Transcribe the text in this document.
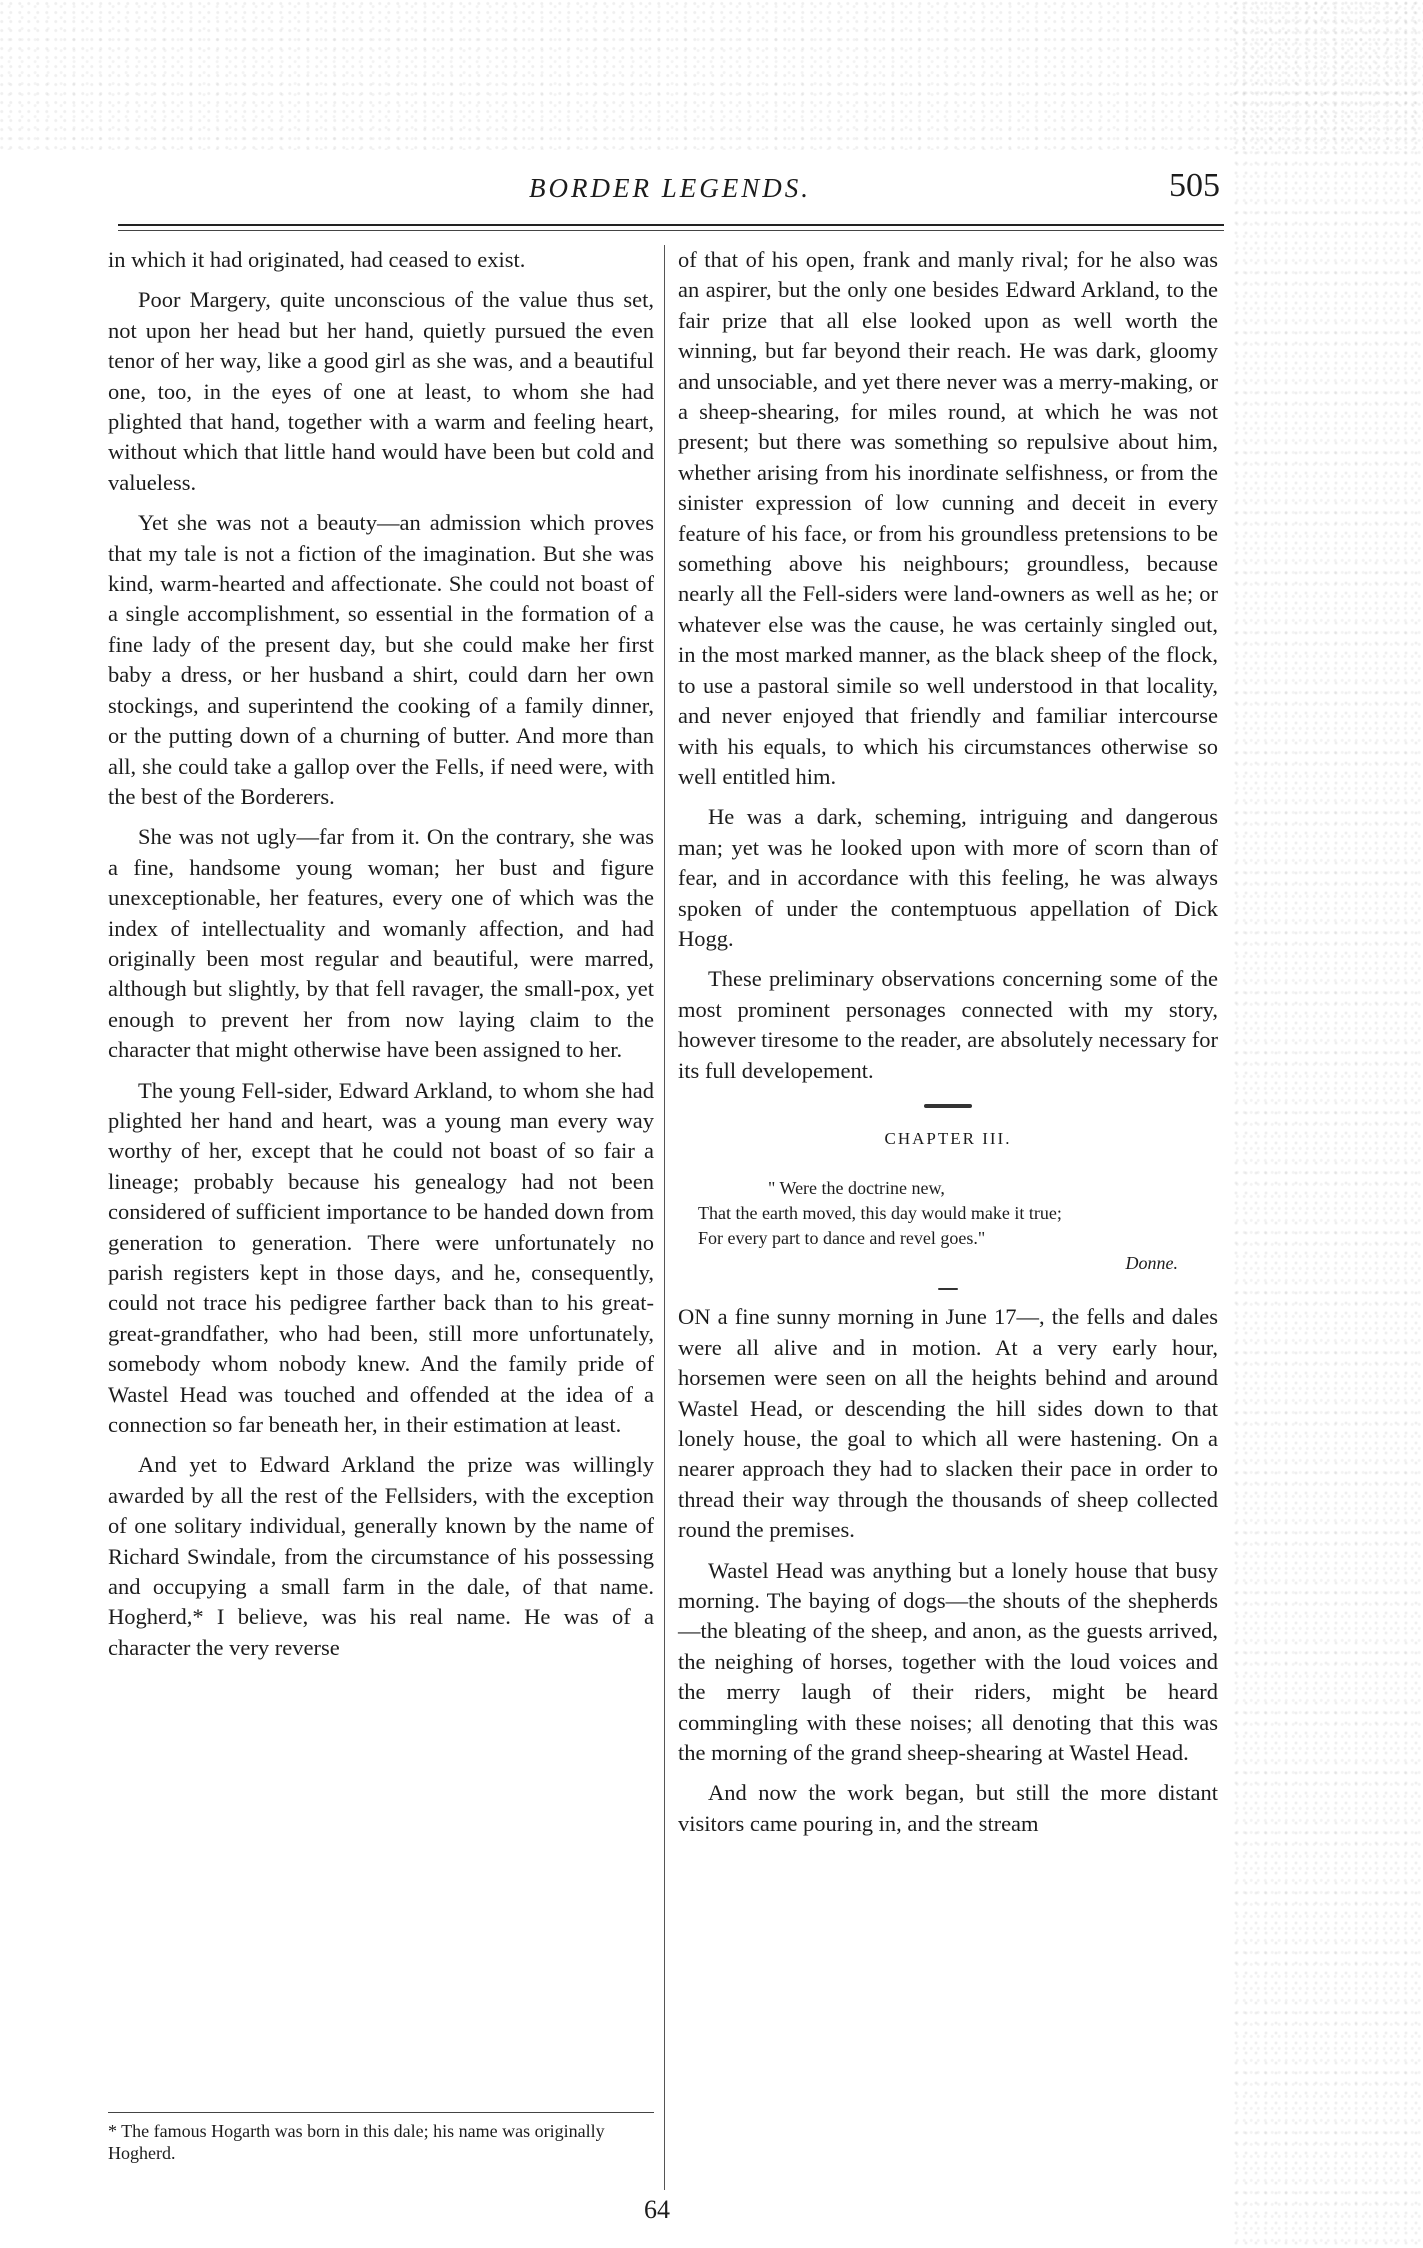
BORDER LEGENDS.	505

in which it had originated, had ceased to exist.

Poor Margery, quite unconscious of the value thus set, not upon her head but her hand, quietly pursued the even tenor of her way, like a good girl as she was, and a beautiful one, too, in the eyes of one at least, to whom she had plighted that hand, together with a warm and feeling heart, without which that little hand would have been but cold and valueless.

Yet she was not a beauty—an admission which proves that my tale is not a fiction of the imagination. But she was kind, warm-hearted and affectionate. She could not boast of a single accomplishment, so essential in the formation of a fine lady of the present day, but she could make her first baby a dress, or her husband a shirt, could darn her own stockings, and superintend the cooking of a family dinner, or the putting down of a churning of butter. And more than all, she could take a gallop over the Fells, if need were, with the best of the Borderers.

She was not ugly—far from it. On the contrary, she was a fine, handsome young woman; her bust and figure unexceptionable, her features, every one of which was the index of intellectuality and womanly affection, and had originally been most regular and beautiful, were marred, although but slightly, by that fell ravager, the small-pox, yet enough to prevent her from now laying claim to the character that might otherwise have been assigned to her.

The young Fell-sider, Edward Arkland, to whom she had plighted her hand and heart, was a young man every way worthy of her, except that he could not boast of so fair a lineage; probably because his genealogy had not been considered of sufficient importance to be handed down from generation to generation. There were unfortunately no parish registers kept in those days, and he, consequently, could not trace his pedigree farther back than to his great-great-grandfather, who had been, still more unfortunately, somebody whom nobody knew. And the family pride of Wastel Head was touched and offended at the idea of a connection so far beneath her, in their estimation at least.

And yet to Edward Arkland the prize was willingly awarded by all the rest of the Fellsiders, with the exception of one solitary individual, generally known by the name of Richard Swindale, from the circumstance of his possessing and occupying a small farm in the dale, of that name. Hogherd,* I believe, was his real name. He was of a character the very reverse

of that of his open, frank and manly rival; for he also was an aspirer, but the only one besides Edward Arkland, to the fair prize that all else looked upon as well worth the winning, but far beyond their reach. He was dark, gloomy and unsociable, and yet there never was a merry-making, or a sheep-shearing, for miles round, at which he was not present; but there was something so repulsive about him, whether arising from his inordinate selfishness, or from the sinister expression of low cunning and deceit in every feature of his face, or from his groundless pretensions to be something above his neighbours; groundless, because nearly all the Fell-siders were land-owners as well as he; or whatever else was the cause, he was certainly singled out, in the most marked manner, as the black sheep of the flock, to use a pastoral simile so well understood in that locality, and never enjoyed that friendly and familiar intercourse with his equals, to which his circumstances otherwise so well entitled him.

He was a dark, scheming, intriguing and dangerous man; yet was he looked upon with more of scorn than of fear, and in accordance with this feeling, he was always spoken of under the contemptuous appellation of Dick Hogg.

These preliminary observations concerning some of the most prominent personages connected with my story, however tiresome to the reader, are absolutely necessary for its full developement.

CHAPTER III.
" Were the doctrine new,
That the earth moved, this day would make it true;
For every part to dance and revel goes."
Donne.

ON a fine sunny morning in June 17—, the fells and dales were all alive and in motion. At a very early hour, horsemen were seen on all the heights behind and around Wastel Head, or descending the hill sides down to that lonely house, the goal to which all were hastening. On a nearer approach they had to slacken their pace in order to thread their way through the thousands of sheep collected round the premises.

Wastel Head was anything but a lonely house that busy morning. The baying of dogs—the shouts of the shepherds—the bleating of the sheep, and anon, as the guests arrived, the neighing of horses, together with the loud voices and the merry laugh of their riders, might be heard commingling with these noises; all denoting that this was the morning of the grand sheep-shearing at Wastel Head.

And now the work began, but still the more distant visitors came pouring in, and the stream

* The famous Hogarth was born in this dale; his name was originally Hogherd.
64
